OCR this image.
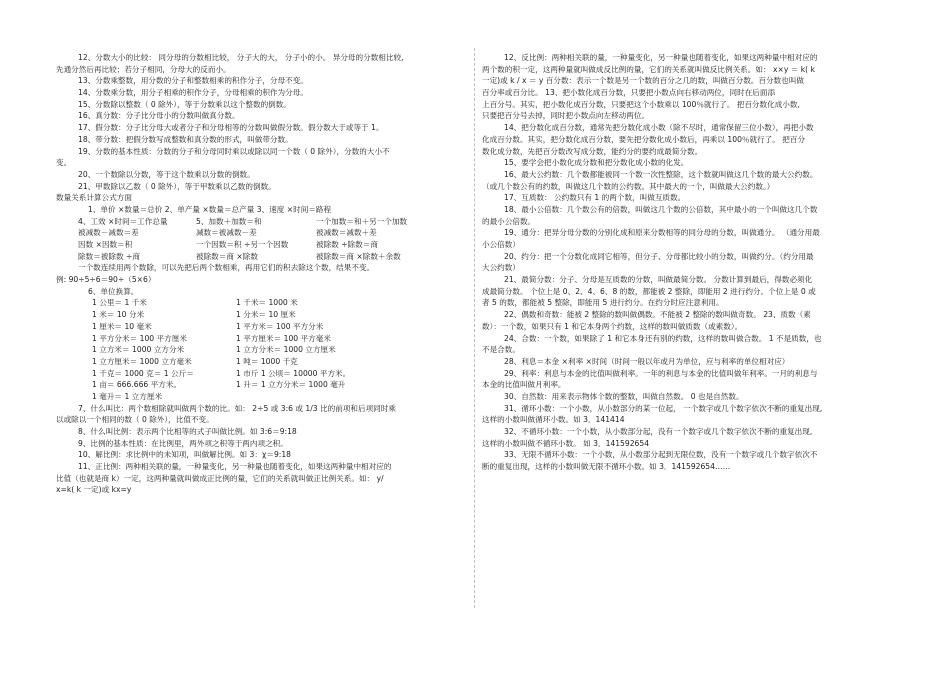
12、分数大小的比较： 同分母的分数相比较， 分子大的大， 分子小的小。 异分母的分数相比较,
先通分然后再比较；若分子相同，分母大的反而小。
13、分数乘整数，用分数的分子和整数相乘的积作分子，分母不变。
14、分数乘分数，用分子相乘的积作分子，分母相乘的积作为分母。
15、分数除以整数（ 0 除外），等于分数乘以这个整数的倒数。
16、真分数：分子比分母小的分数叫做真分数。
17、假分数：分子比分母大或者分子和分母相等的分数叫做假分数。假分数大于或等于 1。
18、带分数：把假分数写成整数和真分数的形式，叫做带分数。
19、分数的基本性质：分数的分子和分母同时乘以或除以同一个数（ 0 除外），分数的大小不
变。
20、一个数除以分数，等于这个数乘以分数的倒数。
21、甲数除以乙数（ 0 除外），等于甲数乘以乙数的倒数。
数量关系计算公式方面
1、单价 ×数量＝总价 2、单产量 ×数量＝总产量 3、速度 ×时间＝路程
4、工效 ×时间＝工作总量	5、加数＋加数＝和	一个加数＝和＋另一个加数
被减数－减数＝差	减数＝被减数－差	被减数＝减数＋差
因数 ×因数＝积	一个因数＝积 ÷另一个因数	被除数 ÷除数＝商
除数＝被除数 ÷商	被除数＝商 ×除数	被除数＝商 ×除数＋余数
一个数连续用两个数除，可以先把后两个数相乘，再用它们的积去除这个数，结果不变。
例: 90÷5÷6＝90÷（5×6）
6、单位换算。
1 公里＝ 1 千米	1 千米＝ 1000 米
1 米＝ 10 分米	1 分米＝ 10 厘米
1 厘米＝ 10 毫米	1 平方米＝ 100 平方分米
1 平方分米＝ 100 平方厘米	1 平方厘米＝ 100 平方毫米
1 立方米＝ 1000 立方分米	1 立方分米＝ 1000 立方厘米
1 立方厘米＝ 1000 立方毫米	1 吨＝ 1000 千克
1 千克＝ 1000 克＝ 1 公斤＝	1 市斤 1 公顷＝ 10000 平方米。
1 亩＝ 666.666 平方米。	1 升＝ 1 立方分米＝ 1000 毫升
1 毫升＝ 1 立方厘米
7、什么叫比：两个数相除就叫做两个数的比。如： 2÷5 或 3:6 或 1/3 比的前项和后项同时乘
以或除以一个相同的数（ 0 除外），比值不变。
8、什么叫比例：表示两个比相等的式子叫做比例。如 3:6＝9:18
9、比例的基本性质：在比例里，两外项之积等于两内项之积。
10、解比例：求比例中的未知项，叫做解比例。如 3：χ＝9:18
11、正比例：两种相关联的量，一种量变化，另一种量也随着变化，如果这两种量中相对应的
比值（也就是商 k）一定，这两种量就叫做成正比例的量，它们的关系就叫做正比例关系。如： y/
x=k( k 一定)或 kx=y
12、反比例：两种相关联的量，一种量变化，另一种量也随着变化，如果这两种量中相对应的
两个数的积一定，这两种量就叫做成反比例的量，它们的关系就叫做反比例关系。如： x×y ＝ k( k
一定)或 k / x ＝ y 百分数：表示一个数是另一个数的百分之几的数，叫做百分数。百分数也叫做
百分率或百分比。 13、把小数化成百分数，只要把小数点向右移动两位，同时在后面添
上百分号。其实，把小数化成百分数，只要把这个小数乘以 100％就行了。 把百分数化成小数,
只要把百分号去掉，同时把小数点向左移动两位。
14、把分数化成百分数，通常先把分数化成小数（除不尽时，通常保留三位小数），再把小数
化成百分数。其实，把分数化成百分数，要先把分数化成小数后，再乘以 100％就行了。 把百分
数化成分数，先把百分数改写成分数，能约分的要约成最简分数。
15、要学会把小数化成分数和把分数化成小数的化发。
16、最大公约数：几个数都能被同一个数一次性整除，这个数就叫做这几个数的最大公约数。
（或几个数公有的约数，叫做这几个数的公约数。其中最大的一个，叫做最大公约数。）
17、互质数： 公约数只有 1 的两个数，叫做互质数。
18、最小公倍数：几个数公有的倍数，叫做这几个数的公倍数，其中最小的一个叫做这几个数
的最小公倍数。
19、通分：把异分母分数的分别化成和原来分数相等的同分母的分数，叫做通分。 （通分用最
小公倍数）
20、约分：把一个分数化成同它相等，但分子、分母都比较小的分数，叫做约分。（约分用最
大公约数）
21、最简分数：分子、分母是互质数的分数，叫做最简分数。 分数计算到最后，得数必须化
成最简分数。 个位上是 0、2、4、6、8 的数，都能被 2 整除，即能用 2 进行约分。个位上是 0 或
者 5 的数，都能被 5 整除，即能用 5 进行约分。在约分时应注意利用。
22、偶数和奇数：能被 2 整除的数叫做偶数。不能被 2 整除的数叫做奇数。 23、质数（素
数）：一个数，如果只有 1 和它本身两个约数，这样的数叫做质数（或素数）。
24、合数：一个数，如果除了 1 和它本身还有别的约数，这样的数叫做合数。 1 不是质数，也
不是合数。
28、利息＝本金 ×利率 ×时间（时间一般以年或月为单位，应与利率的单位相对应）
29、利率：利息与本金的比值叫做利率。一年的利息与本金的比值叫做年利率。一月的利息与
本金的比值叫做月利率。
30、自然数：用来表示物体个数的整数，叫做自然数。 0 也是自然数。
31、循环小数：一个小数，从小数部分的某一位起， 一个数字或几个数字依次不断的重复出现,
这样的小数叫做循环小数。如 3．141414
32、不循环小数：一个小数，从小数部分起，没有一个数字或几个数字依次不断的重复出现,
这样的小数叫做不循环小数。 如 3．141592654
33、无限不循环小数：一个小数，从小数部分起到无限位数，没有一个数字或几个数字依次不
断的重复出现，这样的小数叫做无限不循环小数。如 3．141592654……
